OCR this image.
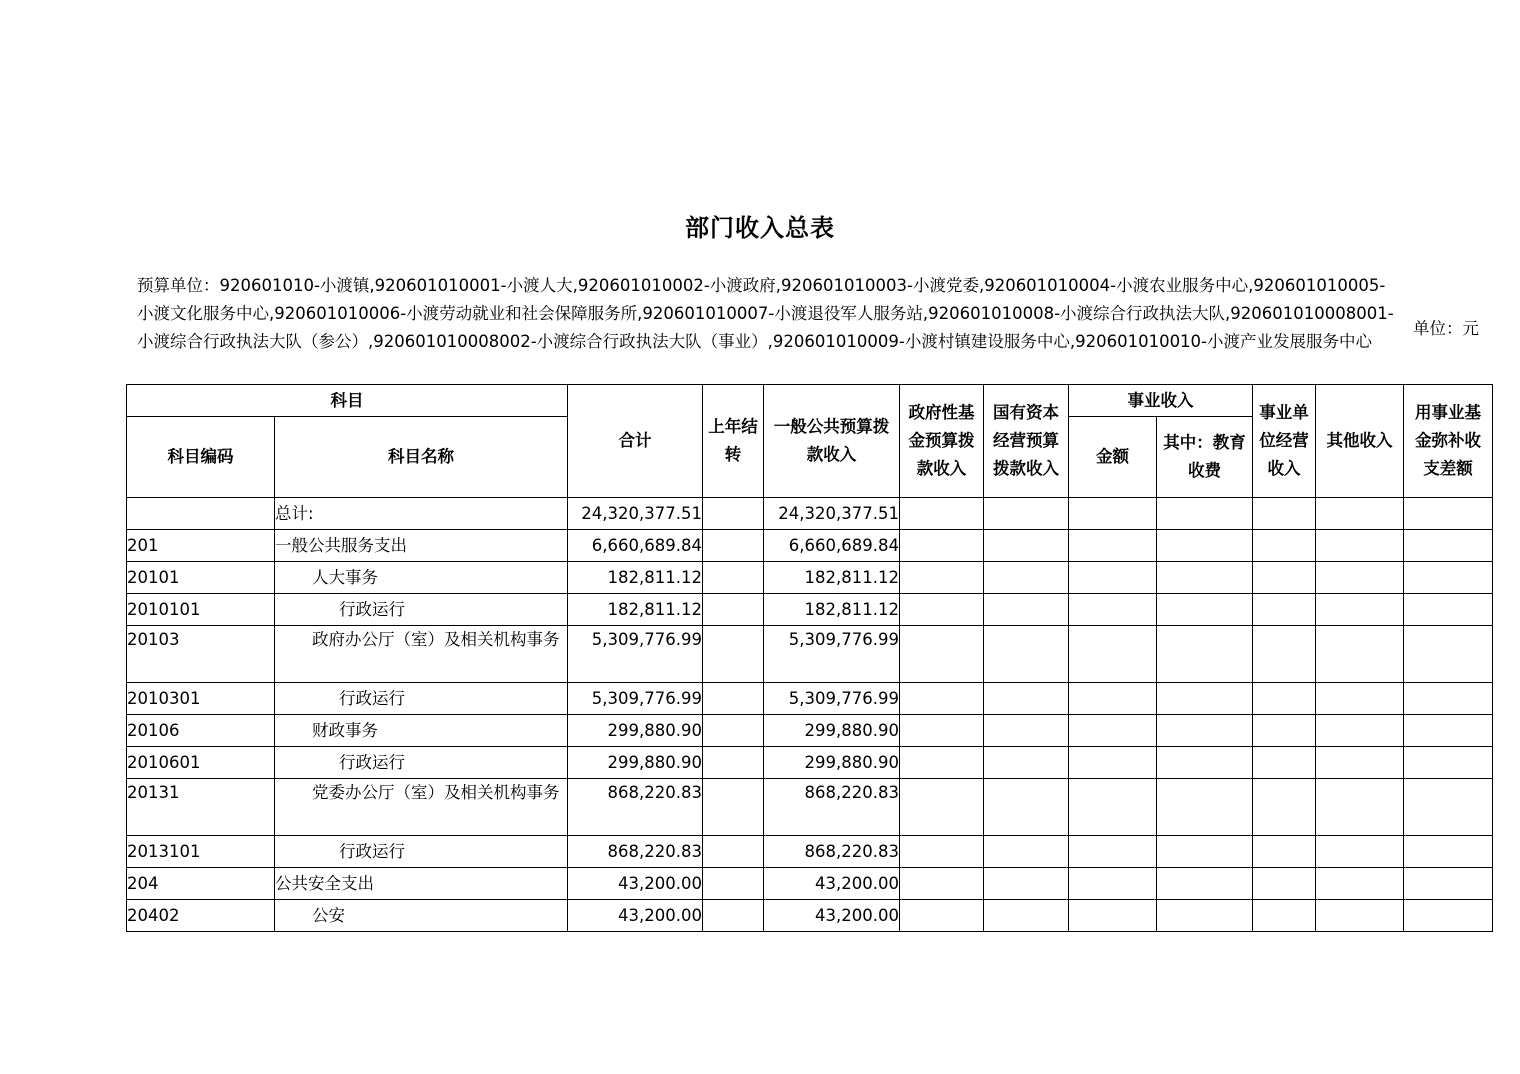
部门收入总表
预算单位：920601010-小渡镇,920601010001-小渡人大,920601010002-小渡政府,920601010003-小渡党委,920601010004-小渡农业服务中心,920601010005-小渡文化服务中心,920601010006-小渡劳动就业和社会保障服务所,920601010007-小渡退役军人服务站,920601010008-小渡综合行政执法大队,920601010008001-小渡综合行政执法大队（参公）,920601010008002-小渡综合行政执法大队（事业）,920601010009-小渡村镇建设服务中心,920601010010-小渡产业发展服务中心
单位：元
科目		合计	上年结转	一般公共预算拨款收入	政府性基金预算拨款收入	国有资本经营预算拨款收入	事业收入		事业单位经营收入	其他收入	用事业基金弥补收支差额
科目编码	科目名称						金额	其中：教育收费			
	总计:	24,320,377.51		24,320,377.51							
201	一般公共服务支出	6,660,689.84		6,660,689.84							
20101	人大事务	182,811.12		182,811.12							
2010101	行政运行	182,811.12		182,811.12							
20103	政府办公厅（室）及相关机构事务	5,309,776.99		5,309,776.99							
2010301	行政运行	5,309,776.99		5,309,776.99							
20106	财政事务	299,880.90		299,880.90							
2010601	行政运行	299,880.90		299,880.90							
20131	党委办公厅（室）及相关机构事务	868,220.83		868,220.83							
2013101	行政运行	868,220.83		868,220.83							
204	公共安全支出	43,200.00		43,200.00							
20402	公安	43,200.00		43,200.00							
